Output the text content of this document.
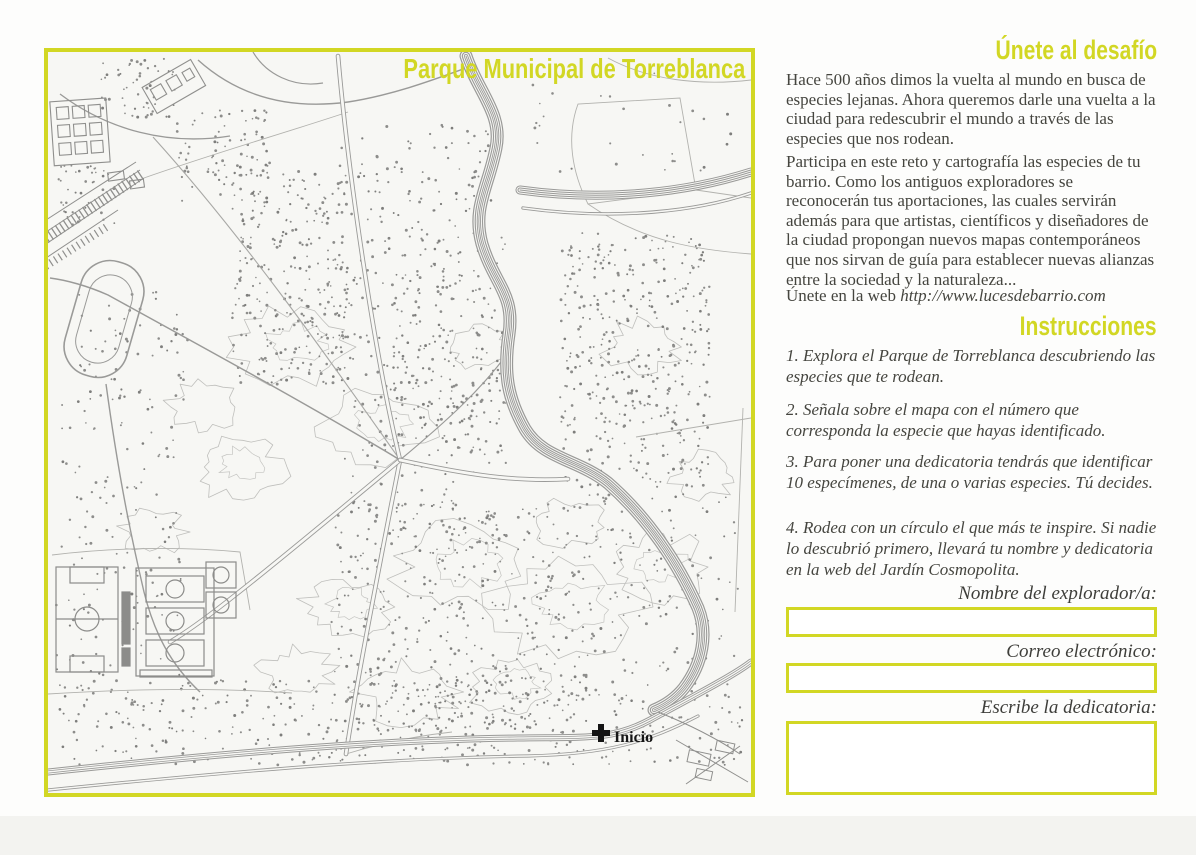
Inicio
Parque Municipal de Torreblanca
Únete al desafío

Hace 500 años dimos la vuelta al mundo en busca de especies lejanas. Ahora queremos darle una vuelta a la ciudad para redescubrir el mundo a través de las especies que nos rodean.

Participa en este reto y cartografía las especies de tu barrio. Como los antiguos exploradores se reconocerán tus aportaciones, las cuales servirán además para que artistas, científicos y diseñadores de la ciudad propongan nuevos mapas contemporáneos que nos sirvan de guía para establecer nuevas alianzas entre la sociedad y la naturaleza...

Únete en la web http://www.lucesdebarrio.com

Instrucciones

1. Explora el Parque de Torreblanca descubriendo las especies que te rodean.

2. Señala sobre el mapa con el número que corresponda la especie que hayas identificado.

3. Para poner una dedicatoria tendrás que identificar 10 especímenes, de una o varias especies. Tú decides.

4. Rodea con un círculo el que más te inspire. Si nadie lo descubrió primero, llevará tu nombre y dedicatoria en la web del Jardín Cosmopolita.

Nombre del explorador/a:
Correo electrónico:
Escribe la dedicatoria:
